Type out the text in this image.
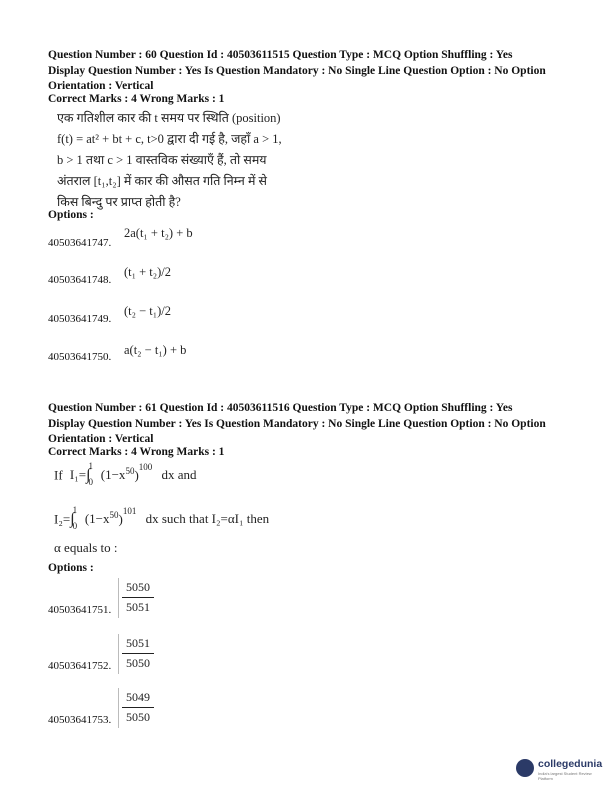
Question Number : 60 Question Id : 40503611515 Question Type : MCQ Option Shuffling : Yes
Display Question Number : Yes Is Question Mandatory : No Single Line Question Option : No Option
Orientation : Vertical
Correct Marks : 4 Wrong Marks : 1
एक गतिशील कार की t समय पर स्थिति (position)
f(t) = at² + bt + c, t>0 द्वारा दी गई है, जहाँ a > 1,
b > 1 तथा c > 1 वास्तविक संख्याएँ हैं, तो समय
अंतराल [t₁,t₂] में कार की औसत गति निम्न में से
किस बिन्दु पर प्राप्त होती है?
Options :
40503641747.
2a(t₁ + t₂) + b
40503641748.
(t₁ + t₂)/2
40503641749.
(t₂ − t₁)/2
40503641750. a(t₂ − t₁) + b
Question Number : 61 Question Id : 40503611516 Question Type : MCQ Option Shuffling : Yes
Display Question Number : Yes Is Question Mandatory : No Single Line Question Option : No Option
Orientation : Vertical
Correct Marks : 4 Wrong Marks : 1
If I₁=∫
1
0 $(1-x^{50})^{100}$ dx and
I₂=∫
1
0 $(1-x^{50})^{101}$ dx such that I₂=αI₁ then
α equals to :
Options :
40503641751. $\frac{5050}{5051}$
40503641752. $\frac{5051}{5050}$
40503641753. $\frac{5049}{5050}$
collegedunia
India's largest Student Review Platform
